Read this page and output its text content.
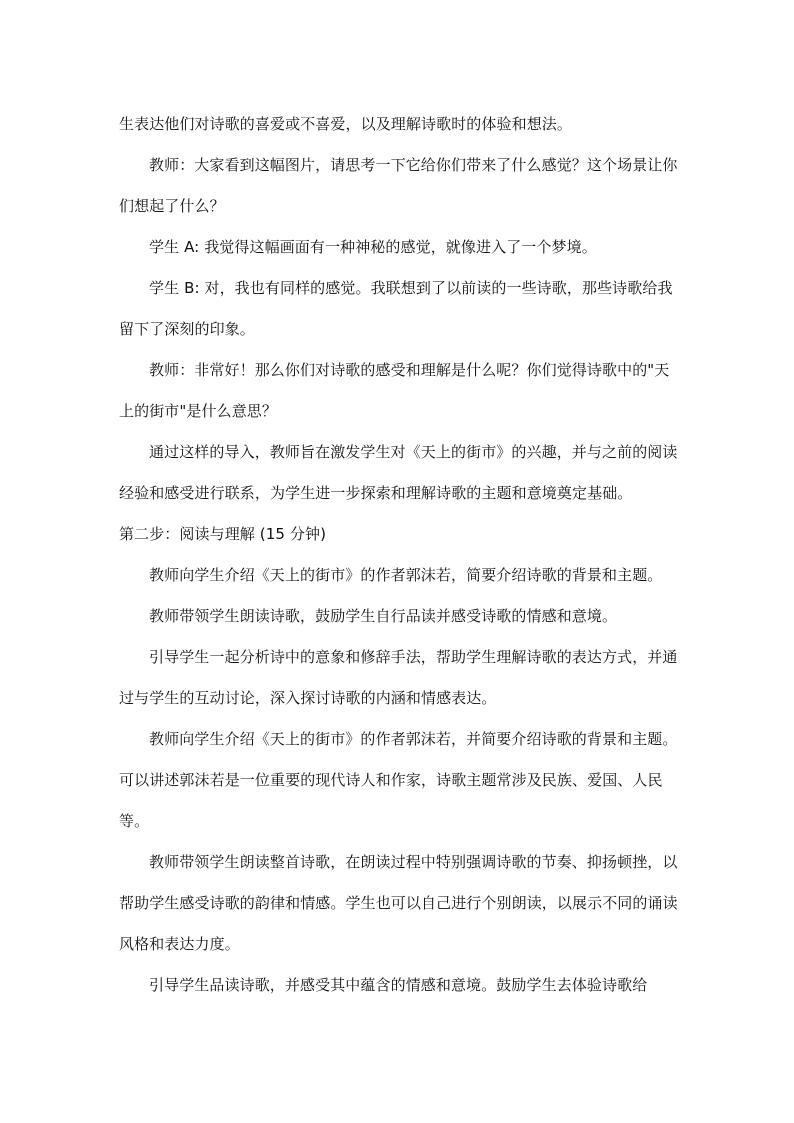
生表达他们对诗歌的喜爱或不喜爱，以及理解诗歌时的体验和想法。

教师：大家看到这幅图片，请思考一下它给你们带来了什么感觉？这个场景让你们想起了什么？

学生 A: 我觉得这幅画面有一种神秘的感觉，就像进入了一个梦境。

学生 B: 对，我也有同样的感觉。我联想到了以前读的一些诗歌，那些诗歌给我留下了深刻的印象。

教师：非常好！那么你们对诗歌的感受和理解是什么呢？你们觉得诗歌中的"天上的街市"是什么意思？

通过这样的导入，教师旨在激发学生对《天上的街市》的兴趣，并与之前的阅读经验和感受进行联系，为学生进一步探索和理解诗歌的主题和意境奠定基础。

第二步：阅读与理解 (15 分钟)

教师向学生介绍《天上的街市》的作者郭沫若，简要介绍诗歌的背景和主题。

教师带领学生朗读诗歌，鼓励学生自行品读并感受诗歌的情感和意境。

引导学生一起分析诗中的意象和修辞手法，帮助学生理解诗歌的表达方式，并通过与学生的互动讨论，深入探讨诗歌的内涵和情感表达。

教师向学生介绍《天上的街市》的作者郭沫若，并简要介绍诗歌的背景和主题。可以讲述郭沫若是一位重要的现代诗人和作家，诗歌主题常涉及民族、爱国、人民等。

教师带领学生朗读整首诗歌，在朗读过程中特别强调诗歌的节奏、抑扬顿挫，以帮助学生感受诗歌的韵律和情感。学生也可以自己进行个别朗读，以展示不同的诵读风格和表达力度。

引导学生品读诗歌，并感受其中蕴含的情感和意境。鼓励学生去体验诗歌给
